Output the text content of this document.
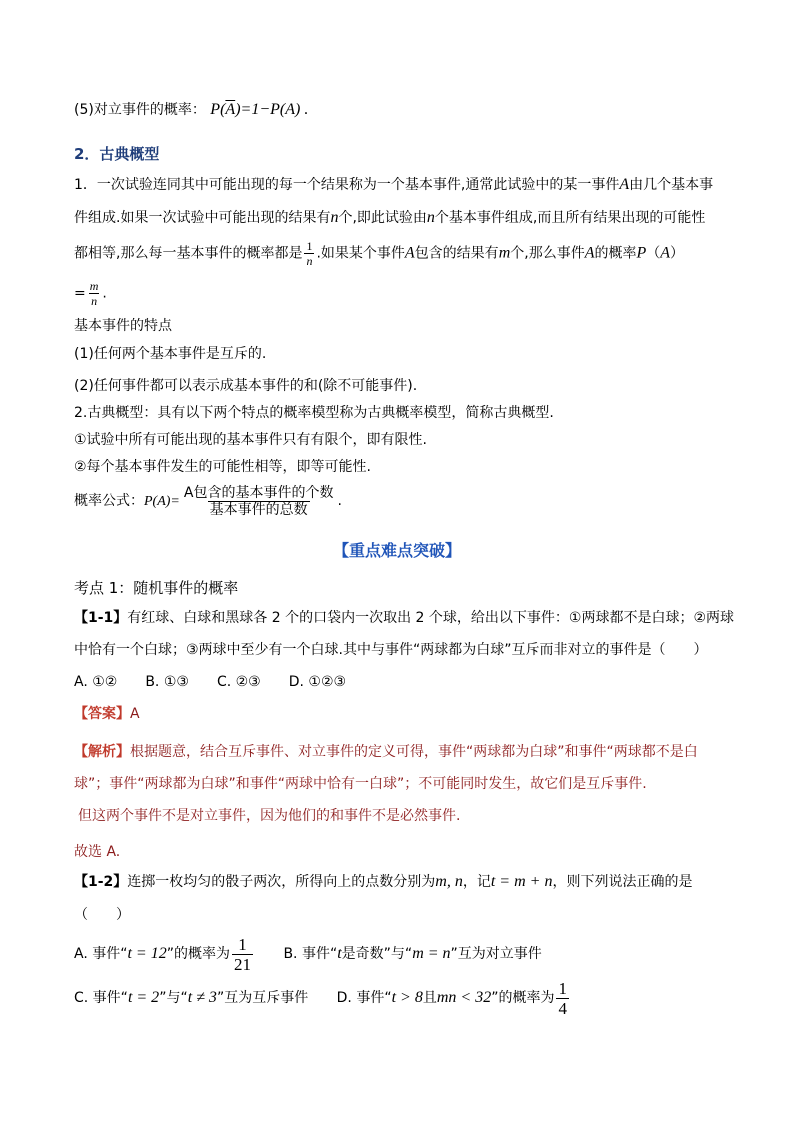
(5)对立事件的概率： $P(\overline{A})=1-P(A)$ .
2．古典概型
1．一次试验连同其中可能出现的每一个结果称为一个基本事件,通常此试验中的某一事件A由几个基本事
件组成.如果一次试验中可能出现的结果有n个,即此试验由n个基本事件组成,而且所有结果出现的可能性
都相等,那么每一基本事件的概率都是 $\frac{1}{n}$ .如果某个事件A包含的结果有m个,那么事件A的概率P（A）
= $\frac{m}{n}$ .
基本事件的特点
(1)任何两个基本事件是互斥的.
(2)任何事件都可以表示成基本事件的和(除不可能事件).
2.古典概型：具有以下两个特点的概率模型称为古典概率模型，简称古典概型.
①试验中所有可能出现的基本事件只有有限个，即有限性.
②每个基本事件发生的可能性相等，即等可能性.
概率公式：$P(A)= \frac{\text{A包含的基本事件的个数}}{\text{基本事件的总数}}$ .
【重点难点突破】
考点 1：随机事件的概率
【1-1】有红球、白球和黑球各 2 个的口袋内一次取出 2 个球，给出以下事件：①两球都不是白球；②两球
中恰有一个白球；③两球中至少有一个白球.其中与事件“两球都为白球”互斥而非对立的事件是（　　）
A. ①②　　B. ①③　　C. ②③　　D. ①②③
【答案】A
【解析】根据题意，结合互斥事件、对立事件的定义可得，事件“两球都为白球”和事件“两球都不是白
球”；事件“两球都为白球”和事件“两球中恰有一白球”；不可能同时发生，故它们是互斥事件.
但这两个事件不是对立事件，因为他们的和事件不是必然事件.
故选 A.
【1-2】连掷一枚均匀的骰子两次，所得向上的点数分别为m, n，记t = m + n，则下列说法正确的是
（　　）
A. 事件“t = 12”的概率为 $\frac{1}{21} B$. 事件“t是奇数”与“m = n”互为对立事件
C. 事件“t = 2”与“t ≠ 3”互为互斥事件 D. 事件“t > 8且mn < 32”的概率为 $\frac{1}{4}$
